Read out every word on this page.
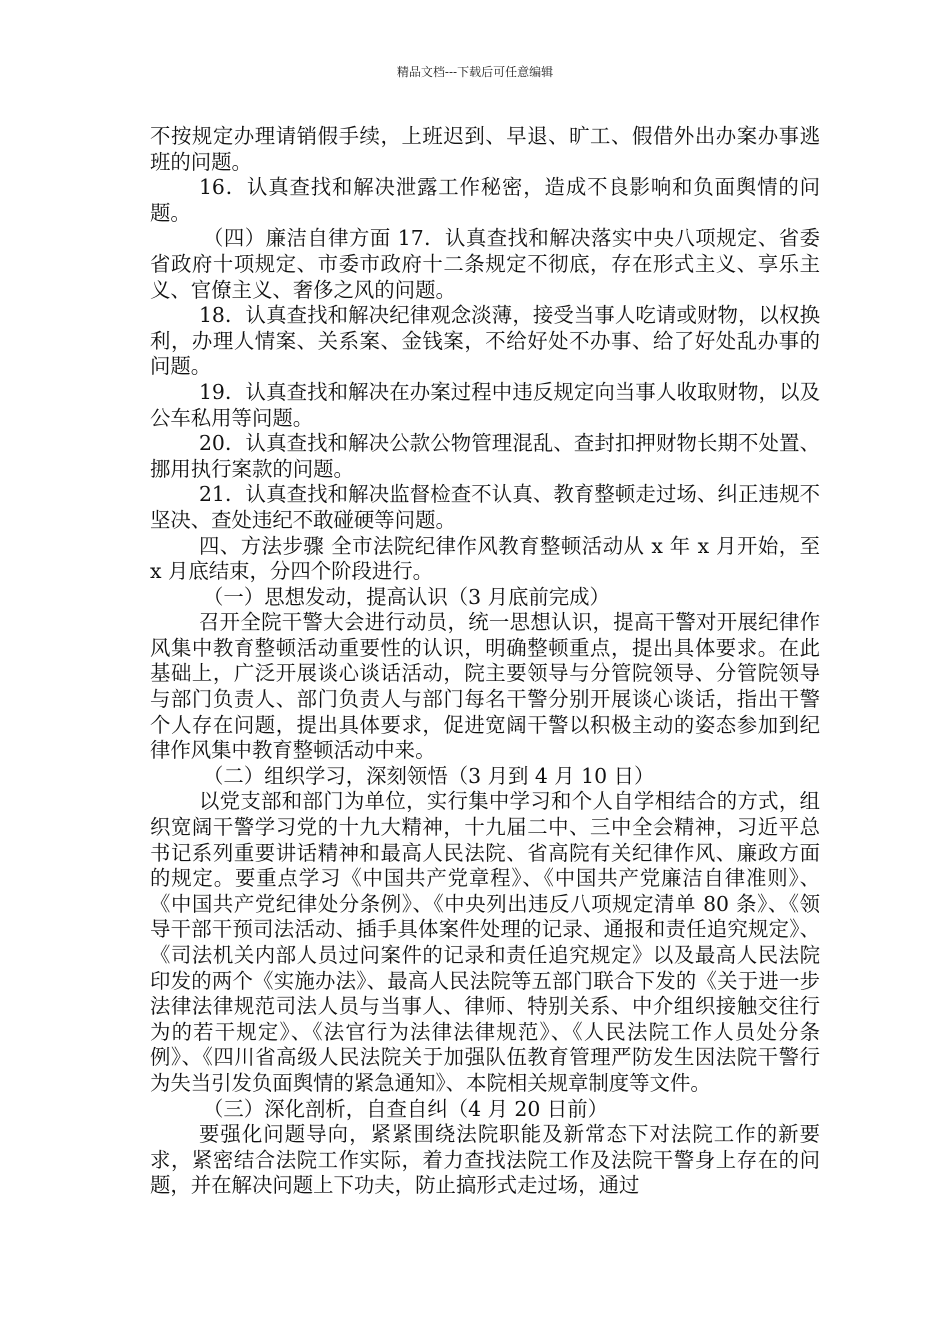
精品文档---下载后可任意编辑

不按规定办理请销假手续，上班迟到、早退、旷工、假借外出办案办事逃班的问题。

16．认真查找和解决泄露工作秘密，造成不良影响和负面舆情的问题。

（四）廉洁自律方面 17．认真查找和解决落实中央八项规定、省委省政府十项规定、市委市政府十二条规定不彻底，存在形式主义、享乐主义、官僚主义、奢侈之风的问题。

18．认真查找和解决纪律观念淡薄，接受当事人吃请或财物，以权换利，办理人情案、关系案、金钱案，不给好处不办事、给了好处乱办事的问题。

19．认真查找和解决在办案过程中违反规定向当事人收取财物，以及公车私用等问题。

20．认真查找和解决公款公物管理混乱、查封扣押财物长期不处置、挪用执行案款的问题。

21．认真查找和解决监督检查不认真、教育整顿走过场、纠正违规不坚决、查处违纪不敢碰硬等问题。

四、方法步骤 全市法院纪律作风教育整顿活动从 x 年 x 月开始，至 x 月底结束，分四个阶段进行。

（一）思想发动，提高认识（3 月底前完成）

召开全院干警大会进行动员，统一思想认识，提高干警对开展纪律作风集中教育整顿活动重要性的认识，明确整顿重点，提出具体要求。在此基础上，广泛开展谈心谈话活动，院主要领导与分管院领导、分管院领导与部门负责人、部门负责人与部门每名干警分别开展谈心谈话，指出干警个人存在问题，提出具体要求，促进宽阔干警以积极主动的姿态参加到纪律作风集中教育整顿活动中来。

（二）组织学习，深刻领悟（3 月到 4 月 10 日）

以党支部和部门为单位，实行集中学习和个人自学相结合的方式，组织宽阔干警学习党的十九大精神，十九届二中、三中全会精神，习近平总书记系列重要讲话精神和最高人民法院、省高院有关纪律作风、廉政方面的规定。要重点学习《中国共产党章程》、《中国共产党廉洁自律准则》、《中国共产党纪律处分条例》、《中央列出违反八项规定清单 80 条》、《领导干部干预司法活动、插手具体案件处理的记录、通报和责任追究规定》、《司法机关内部人员过问案件的记录和责任追究规定》以及最高人民法院印发的两个《实施办法》、最高人民法院等五部门联合下发的《关于进一步法律法律规范司法人员与当事人、律师、特别关系、中介组织接触交往行为的若干规定》、《法官行为法律法律规范》、《人民法院工作人员处分条例》、《四川省高级人民法院关于加强队伍教育管理严防发生因法院干警行为失当引发负面舆情的紧急通知》、本院相关规章制度等文件。

（三）深化剖析，自查自纠（4 月 20 日前）

要强化问题导向，紧紧围绕法院职能及新常态下对法院工作的新要求，紧密结合法院工作实际，着力查找法院工作及法院干警身上存在的问题，并在解决问题上下功夫，防止搞形式走过场，通过
